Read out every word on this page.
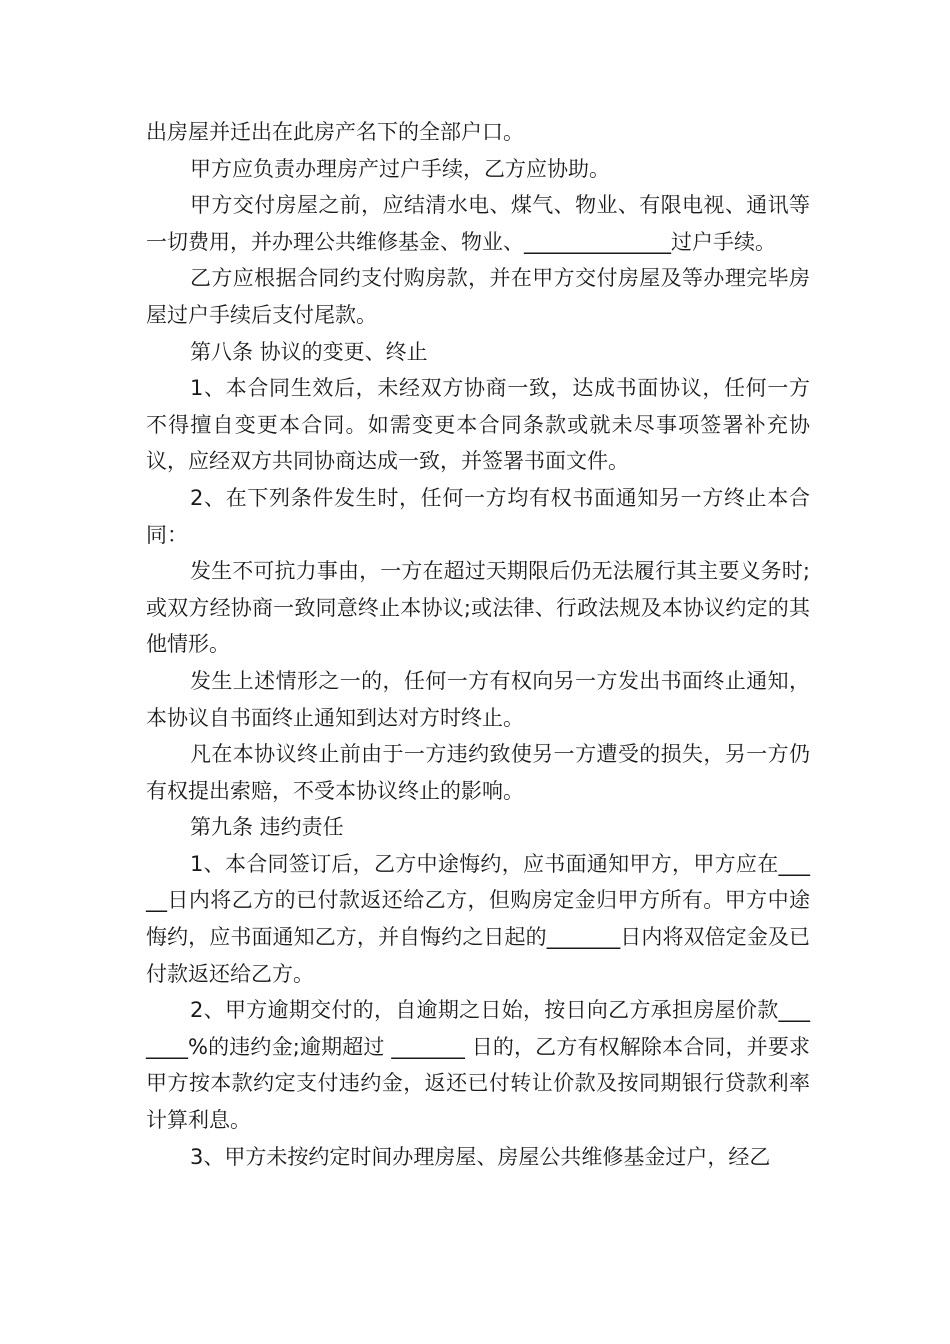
出房屋并迁出在此房产名下的全部户口。

甲方应负责办理房产过户手续，乙方应协助。

甲方交付房屋之前，应结清水电、煤气、物业、有限电视、通讯等一切费用，并办理公共维修基金、物业、______________过户手续。

乙方应根据合同约支付购房款，并在甲方交付房屋及等办理完毕房屋过户手续后支付尾款。

第八条 协议的变更、终止

1、本合同生效后，未经双方协商一致，达成书面协议，任何一方不得擅自变更本合同。如需变更本合同条款或就未尽事项签署补充协议，应经双方共同协商达成一致，并签署书面文件。

2、在下列条件发生时，任何一方均有权书面通知另一方终止本合同：

发生不可抗力事由，一方在超过天期限后仍无法履行其主要义务时;或双方经协商一致同意终止本协议;或法律、行政法规及本协议约定的其他情形。

发生上述情形之一的，任何一方有权向另一方发出书面终止通知，本协议自书面终止通知到达对方时终止。

凡在本协议终止前由于一方违约致使另一方遭受的损失，另一方仍有权提出索赔，不受本协议终止的影响。

第九条 违约责任

1、本合同签订后，乙方中途悔约，应书面通知甲方，甲方应在_____日内将乙方的已付款返还给乙方，但购房定金归甲方所有。甲方中途悔约，应书面通知乙方，并自悔约之日起的_______日内将双倍定金及已付款返还给乙方。

2、甲方逾期交付的，自逾期之日始，按日向乙方承担房屋价款_______%的违约金;逾期超过 _______ 日的，乙方有权解除本合同，并要求甲方按本款约定支付违约金，返还已付转让价款及按同期银行贷款利率计算利息。

3、甲方未按约定时间办理房屋、房屋公共维修基金过户，经乙
